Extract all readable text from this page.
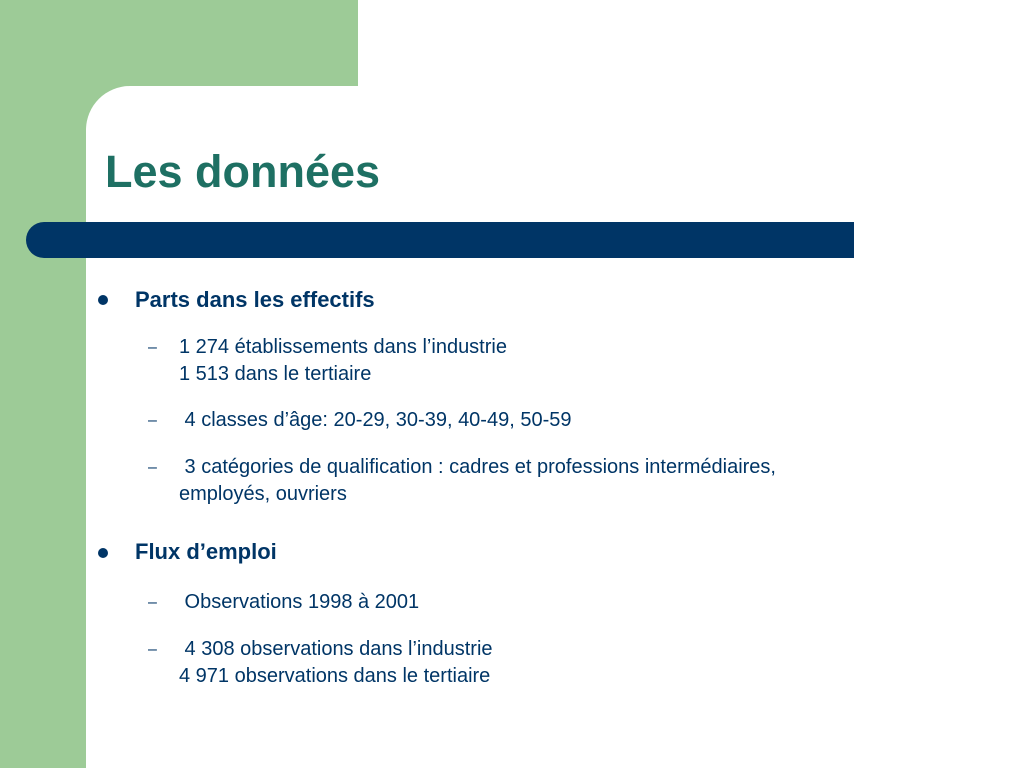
Les données
Parts dans les effectifs
– 1 274 établissements dans l’industrie
1 513 dans le tertiaire
– 4 classes d’âge: 20-29, 30-39, 40-49, 50-59
– 3 catégories de qualification : cadres et professions intermédiaires,
employés, ouvriers
Flux d’emploi
– Observations 1998 à 2001
– 4 308 observations dans l’industrie
4 971 observations dans le tertiaire
